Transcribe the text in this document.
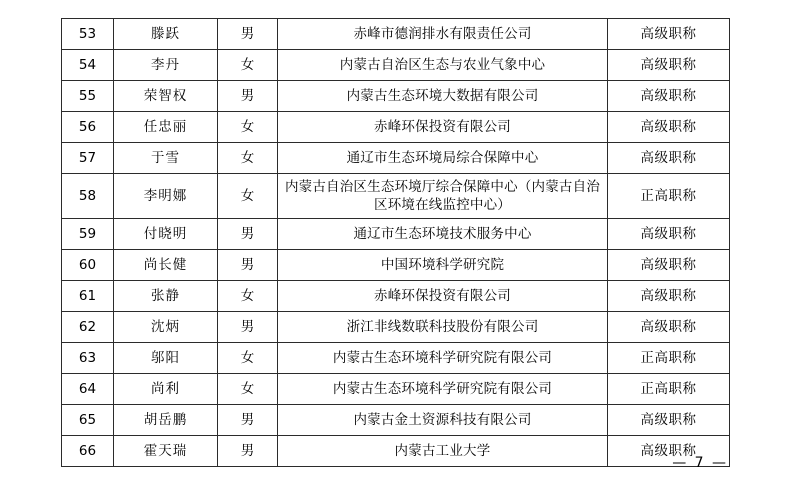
53	滕跃	男	赤峰市德润排水有限责任公司	高级职称
54	李丹	女	内蒙古自治区生态与农业气象中心	高级职称
55	荣智权	男	内蒙古生态环境大数据有限公司	高级职称
56	任忠丽	女	赤峰环保投资有限公司	高级职称
57	于雪	女	通辽市生态环境局综合保障中心	高级职称
58	李明娜	女	内蒙古自治区生态环境厅综合保障中心（内蒙古自治区环境在线监控中心）	正高职称
59	付晓明	男	通辽市生态环境技术服务中心	高级职称
60	尚长健	男	中国环境科学研究院	高级职称
61	张静	女	赤峰环保投资有限公司	高级职称
62	沈炳	男	浙江非线数联科技股份有限公司	高级职称
63	邬阳	女	内蒙古生态环境科学研究院有限公司	正高职称
64	尚利	女	内蒙古生态环境科学研究院有限公司	正高职称
65	胡岳鹏	男	内蒙古金土资源科技有限公司	高级职称
66	霍天瑞	男	内蒙古工业大学	高级职称
— 7 —
